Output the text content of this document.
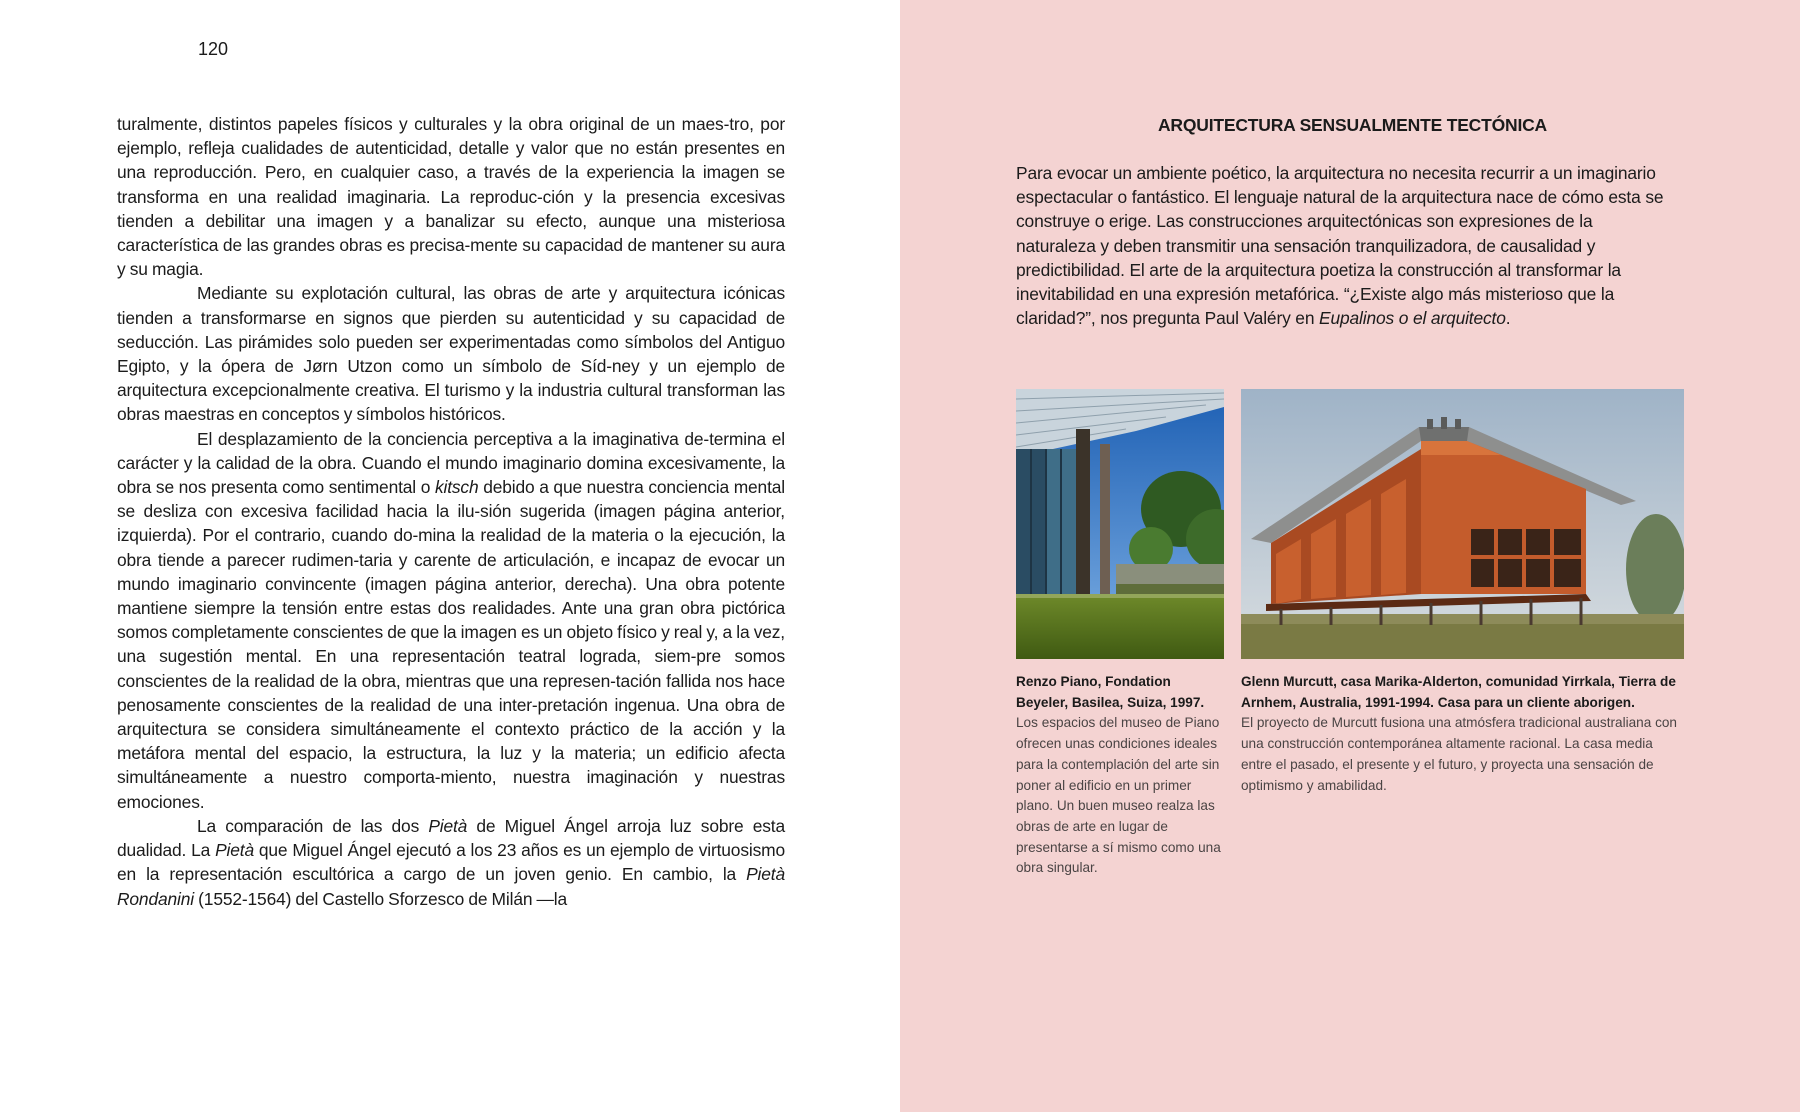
120

turalmente, distintos papeles físicos y culturales y la obra original de un maes-tro, por ejemplo, refleja cualidades de autenticidad, detalle y valor que no están presentes en una reproducción. Pero, en cualquier caso, a través de la experiencia la imagen se transforma en una realidad imaginaria. La reproduc-ción y la presencia excesivas tienden a debilitar una imagen y a banalizar su efecto, aunque una misteriosa característica de las grandes obras es precisa-mente su capacidad de mantener su aura y su magia.

Mediante su explotación cultural, las obras de arte y arquitectura icónicas tienden a transformarse en signos que pierden su autenticidad y su capacidad de seducción. Las pirámides solo pueden ser experimentadas como símbolos del Antiguo Egipto, y la ópera de Jørn Utzon como un símbolo de Síd-ney y un ejemplo de arquitectura excepcionalmente creativa. El turismo y la industria cultural transforman las obras maestras en conceptos y símbolos históricos.

El desplazamiento de la conciencia perceptiva a la imaginativa de-termina el carácter y la calidad de la obra. Cuando el mundo imaginario domina excesivamente, la obra se nos presenta como sentimental o kitsch debido a que nuestra conciencia mental se desliza con excesiva facilidad hacia la ilu-sión sugerida (imagen página anterior, izquierda). Por el contrario, cuando do-mina la realidad de la materia o la ejecución, la obra tiende a parecer rudimen-taria y carente de articulación, e incapaz de evocar un mundo imaginario convincente (imagen página anterior, derecha). Una obra potente mantiene siempre la tensión entre estas dos realidades. Ante una gran obra pictórica somos completamente conscientes de que la imagen es un objeto físico y real y, a la vez, una sugestión mental. En una representación teatral lograda, siem-pre somos conscientes de la realidad de la obra, mientras que una represen-tación fallida nos hace penosamente conscientes de la realidad de una inter-pretación ingenua. Una obra de arquitectura se considera simultáneamente el contexto práctico de la acción y la metáfora mental del espacio, la estructura, la luz y la materia; un edificio afecta simultáneamente a nuestro comporta-miento, nuestra imaginación y nuestras emociones.

La comparación de las dos Pietà de Miguel Ángel arroja luz sobre esta dualidad. La Pietà que Miguel Ángel ejecutó a los 23 años es un ejemplo de virtuosismo en la representación escultórica a cargo de un joven genio. En cambio, la Pietà Rondanini (1552-1564) del Castello Sforzesco de Milán —la

ARQUITECTURA SENSUALMENTE TECTÓNICA
Para evocar un ambiente poético, la arquitectura no necesita recurrir a un imaginario espectacular o fantástico. El lenguaje natural de la arquitectura nace de cómo esta se construye o erige. Las construcciones arquitectónicas son expresiones de la naturaleza y deben transmitir una sensación tranquilizadora, de causalidad y predictibilidad. El arte de la arquitectura poetiza la construcción al transformar la inevitabilidad en una expresión metafórica. “¿Existe algo más misterioso que la claridad?”, nos pregunta Paul Valéry en Eupalinos o el arquitecto.
Renzo Piano, Fondation Beyeler, Basilea, Suiza, 1997.
Los espacios del museo de Piano ofrecen unas condiciones ideales para la contemplación del arte sin poner al edificio en un primer plano. Un buen museo realza las obras de arte en lugar de presentarse a sí mismo como una obra singular.
Glenn Murcutt, casa Marika-Alderton, comunidad Yirrkala, Tierra de Arnhem, Australia, 1991-1994. Casa para un cliente aborigen.
El proyecto de Murcutt fusiona una atmósfera tradicional australiana con una construcción contemporánea altamente racional. La casa media entre el pasado, el presente y el futuro, y proyecta una sensación de optimismo y amabilidad.
